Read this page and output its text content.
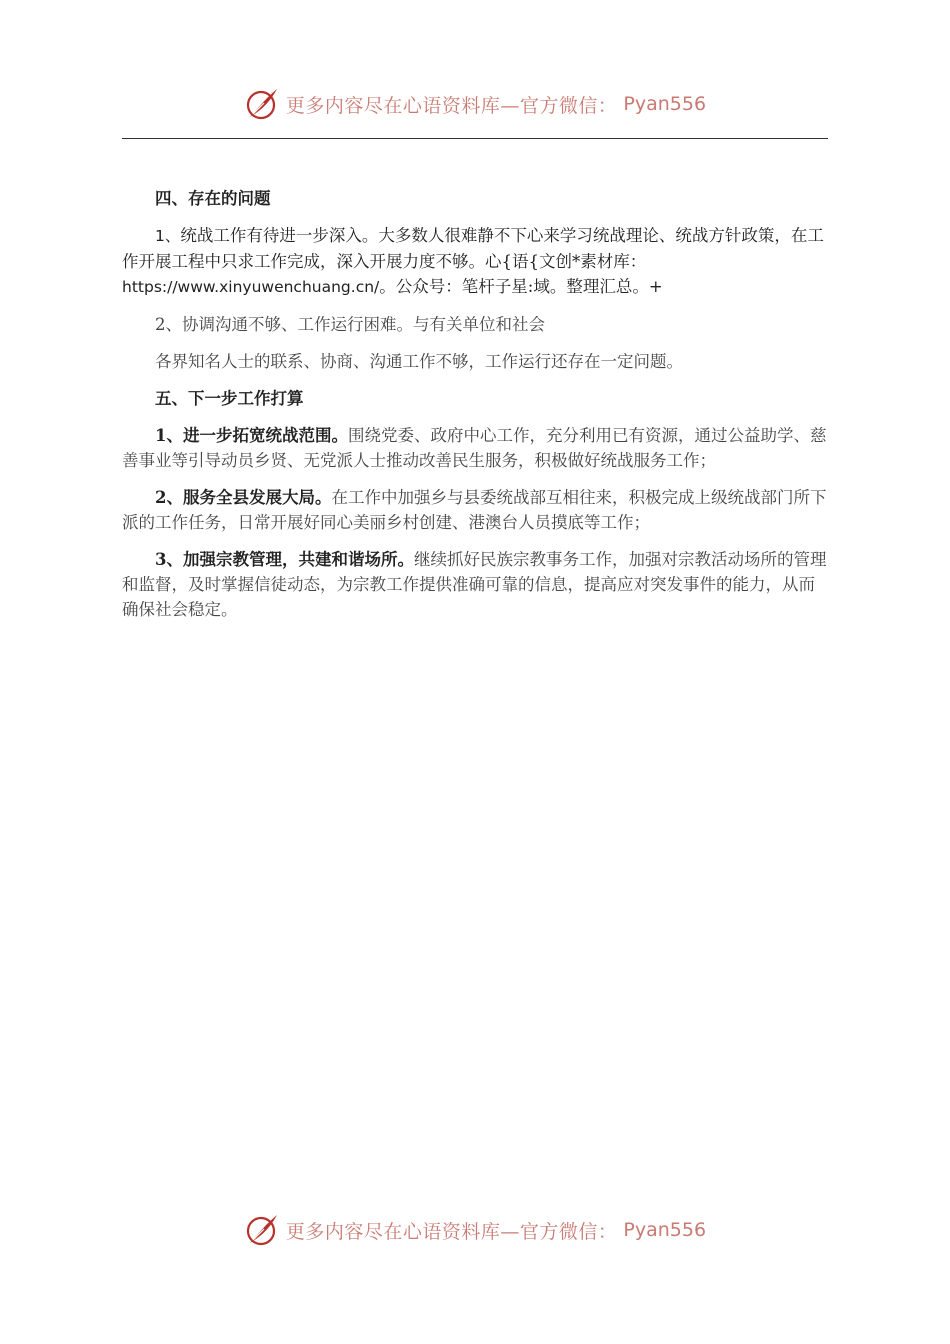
更多内容尽在心语资料库—官方微信： Pyan556

四、存在的问题

1、统战工作有待进一步深入。大多数人很难静不下心来学习统战理论、统战方针政策，在工作开展工程中只求工作完成，深入开展力度不够。心{语{文创*素材库：https://www.xinyuwenchuang.cn/。公众号：笔杆子星:域。整理汇总。+

2、协调沟通不够、工作运行困难。与有关单位和社会

各界知名人士的联系、协商、沟通工作不够，工作运行还存在一定问题。

五、下一步工作打算

1、进一步拓宽统战范围。围绕党委、政府中心工作，充分利用已有资源，通过公益助学、慈善事业等引导动员乡贤、无党派人士推动改善民生服务，积极做好统战服务工作；

2、服务全县发展大局。在工作中加强乡与县委统战部互相往来，积极完成上级统战部门所下派的工作任务，日常开展好同心美丽乡村创建、港澳台人员摸底等工作；

3、加强宗教管理，共建和谐场所。继续抓好民族宗教事务工作，加强对宗教活动场所的管理和监督，及时掌握信徒动态，为宗教工作提供准确可靠的信息，提高应对突发事件的能力，从而确保社会稳定。

更多内容尽在心语资料库—官方微信： Pyan556
